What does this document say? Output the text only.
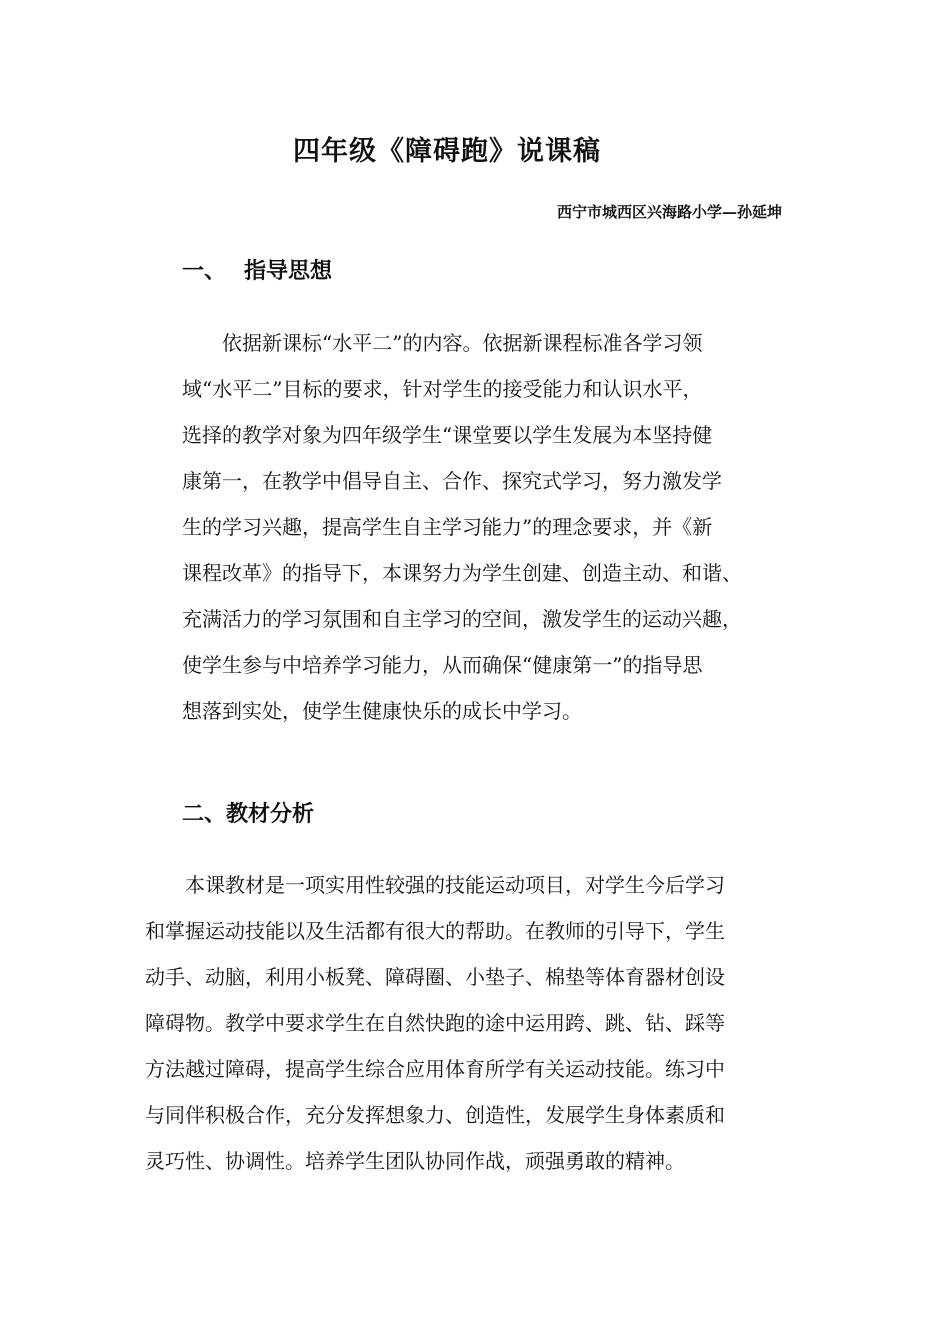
四年级《障碍跑》说课稿
西宁市城西区兴海路小学—孙延坤
一、 指导思想

　　依据新课标“水平二”的内容。依据新课程标准各学习领
域“水平二”目标的要求，针对学生的接受能力和认识水平，
选择的教学对象为四年级学生“课堂要以学生发展为本坚持健
康第一，在教学中倡导自主、合作、探究式学习，努力激发学
生的学习兴趣，提高学生自主学习能力”的理念要求，并《新
课程改革》的指导下，本课努力为学生创建、创造主动、和谐、
充满活力的学习氛围和自主学习的空间，激发学生的运动兴趣，
使学生参与中培养学习能力，从而确保“健康第一”的指导思
想落到实处，使学生健康快乐的成长中学习。

二、教材分析

　　本课教材是一项实用性较强的技能运动项目，对学生今后学习
和掌握运动技能以及生活都有很大的帮助。在教师的引导下，学生
动手、动脑，利用小板凳、障碍圈、小垫子、棉垫等体育器材创设
障碍物。教学中要求学生在自然快跑的途中运用跨、跳、钻、踩等
方法越过障碍，提高学生综合应用体育所学有关运动技能。练习中
与同伴积极合作，充分发挥想象力、创造性，发展学生身体素质和
灵巧性、协调性。培养学生团队协同作战，顽强勇敢的精神。
